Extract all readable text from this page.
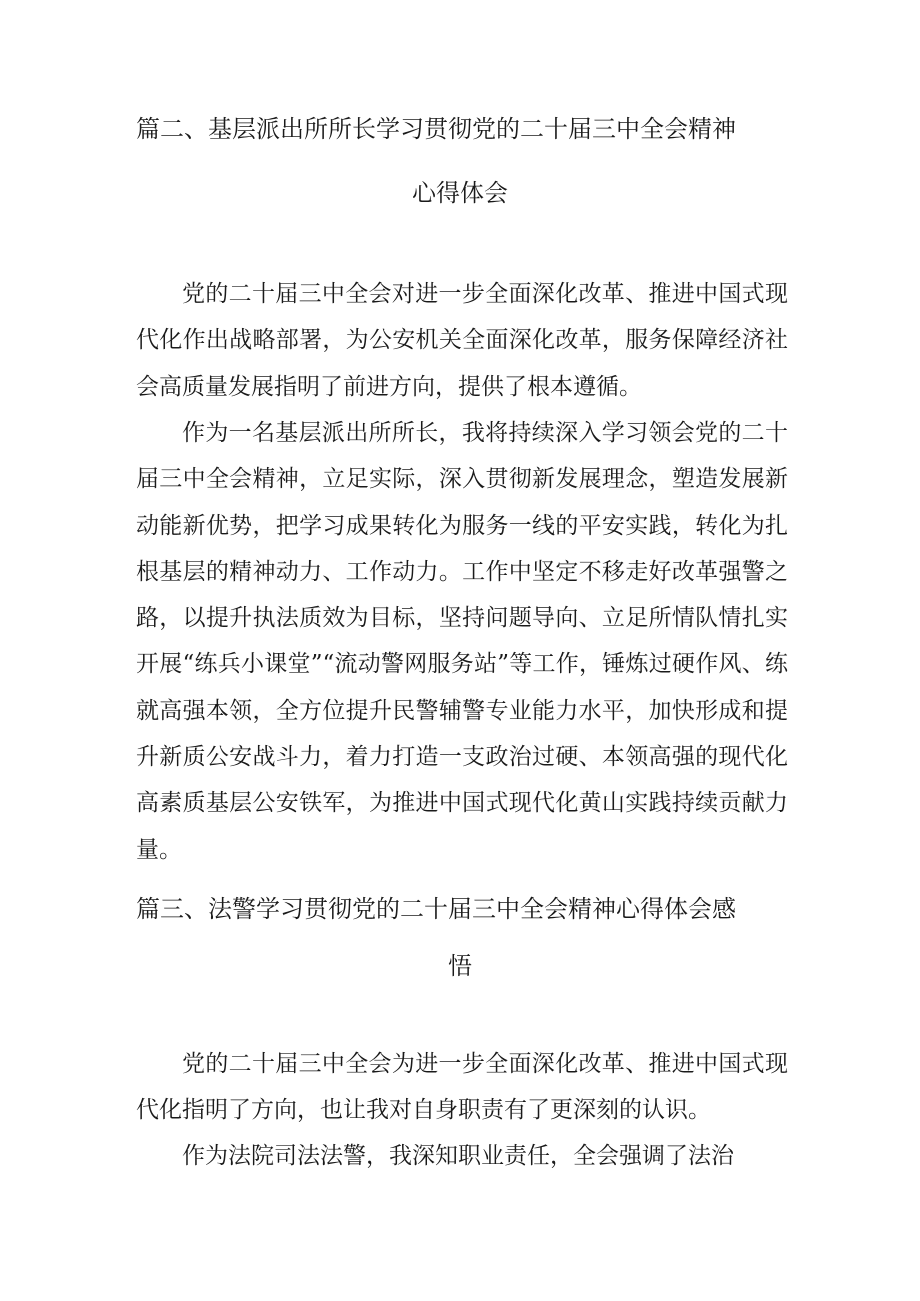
篇二、基层派出所所长学习贯彻党的二十届三中全会精神
心得体会

党的二十届三中全会对进一步全面深化改革、推进中国式现代化作出战略部署，为公安机关全面深化改革，服务保障经济社会高质量发展指明了前进方向，提供了根本遵循。

作为一名基层派出所所长，我将持续深入学习领会党的二十届三中全会精神，立足实际，深入贯彻新发展理念，塑造发展新动能新优势，把学习成果转化为服务一线的平安实践，转化为扎根基层的精神动力、工作动力。工作中坚定不移走好改革强警之路，以提升执法质效为目标，坚持问题导向、立足所情队情扎实开展“练兵小课堂”“流动警网服务站”等工作，锤炼过硬作风、练就高强本领，全方位提升民警辅警专业能力水平，加快形成和提升新质公安战斗力，着力打造一支政治过硬、本领高强的现代化高素质基层公安铁军，为推进中国式现代化黄山实践持续贡献力量。

篇三、法警学习贯彻党的二十届三中全会精神心得体会感
悟

党的二十届三中全会为进一步全面深化改革、推进中国式现代化指明了方向，也让我对自身职责有了更深刻的认识。

作为法院司法法警，我深知职业责任，全会强调了法治
